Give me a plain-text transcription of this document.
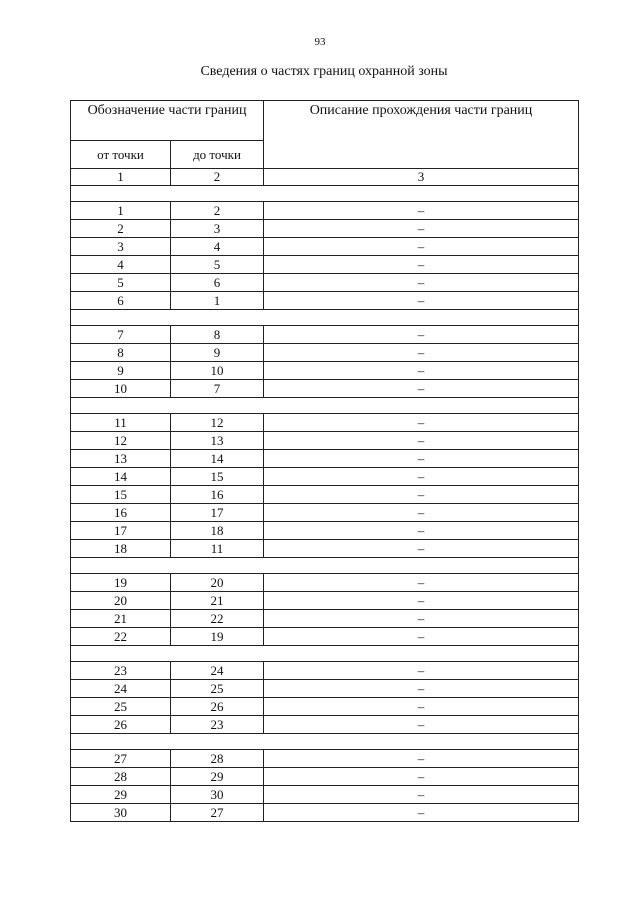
93
Сведения о частях границ охранной зоны
Обозначение части границ		Описание прохождения части границ
от точки	до точки	
1	2	3

1	2	–
2	3	–
3	4	–
4	5	–
5	6	–
6	1	–

7	8	–
8	9	–
9	10	–
10	7	–

11	12	–
12	13	–
13	14	–
14	15	–
15	16	–
16	17	–
17	18	–
18	11	–

19	20	–
20	21	–
21	22	–
22	19	–

23	24	–
24	25	–
25	26	–
26	23	–

27	28	–
28	29	–
29	30	–
30	27	–
